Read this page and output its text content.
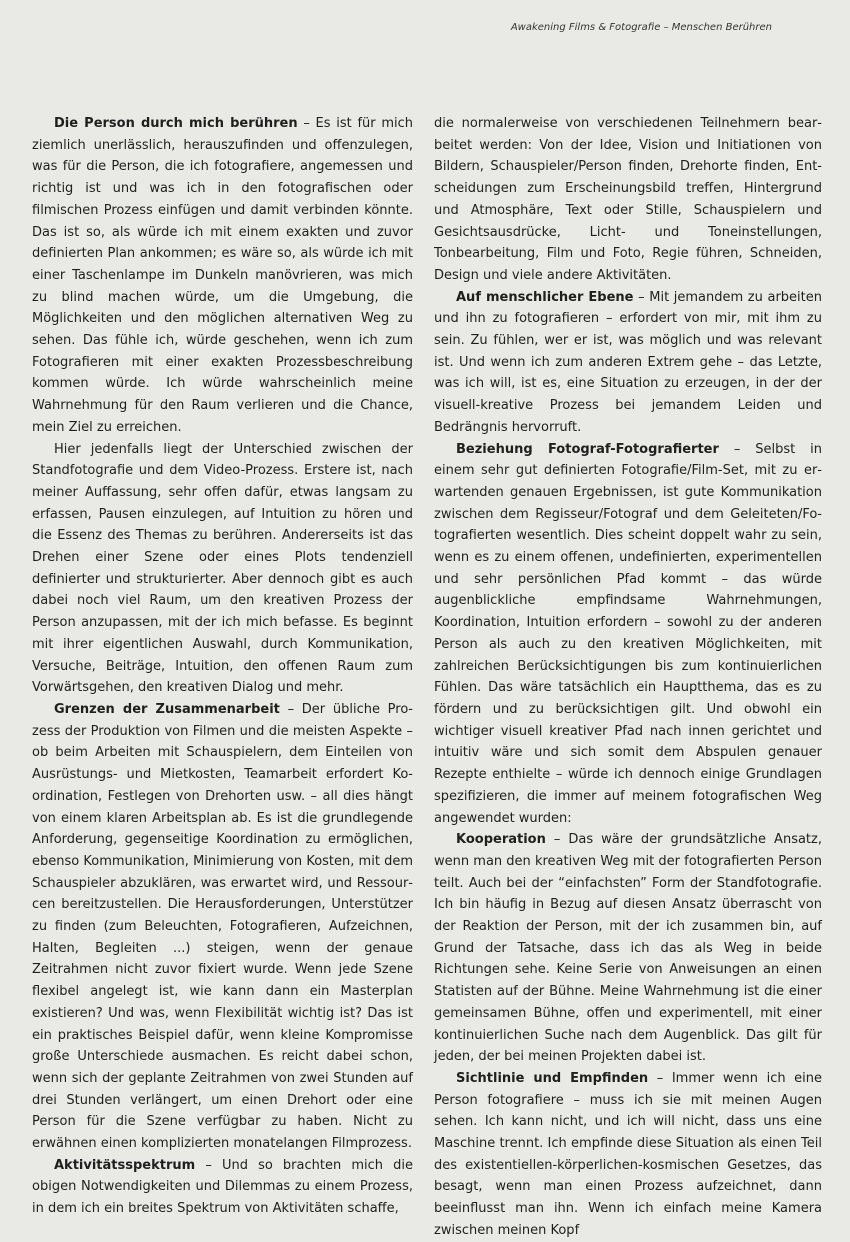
Awakening Films & Fotografie – Menschen Berühren

Die Person durch mich berühren – Es ist für mich ziemlich unerlässlich, herauszufinden und offenzulegen, was für die Person, die ich fotografiere, angemessen und richtig ist und was ich in den fotografischen oder filmischen Prozess einfügen und damit verbinden könnte. Das ist so, als würde ich mit einem exakten und zuvor definierten Plan ankommen; es wäre so, als würde ich mit einer Taschenlampe im Dunkeln manövrieren, was mich zu blind machen würde, um die Umgebung, die Möglichkeiten und den möglichen alternativen Weg zu sehen. Das fühle ich, würde geschehen, wenn ich zum Fotografieren mit einer exakten Prozessbeschreibung kommen würde. Ich würde wahrscheinlich meine Wahrnehmung für den Raum verlieren und die Chance, mein Ziel zu erreichen.

Hier jedenfalls liegt der Unterschied zwischen der Standfotografie und dem Video-Prozess. Erstere ist, nach meiner Auffassung, sehr offen dafür, etwas langsam zu erfassen, Pausen einzulegen, auf Intuition zu hören und die Essenz des Themas zu berühren. Andererseits ist das Drehen einer Szene oder eines Plots tendenziell definierter und strukturierter. Aber dennoch gibt es auch dabei noch viel Raum, um den kreativen Prozess der Person anzupassen, mit der ich mich befasse. Es beginnt mit ihrer eigentlichen Auswahl, durch Kommunikation, Versuche, Beiträge, Intuition, den offenen Raum zum Vorwärtsgehen, den kreativen Dialog und mehr.

Grenzen der Zusammenarbeit – Der übliche Prozess der Produktion von Filmen und die meisten Aspekte – ob beim Arbeiten mit Schauspielern, dem Einteilen von Ausrüstungs- und Mietkosten, Teamarbeit erfordert Koordination, Festlegen von Drehorten usw. – all dies hängt von einem klaren Arbeitsplan ab. Es ist die grundlegende Anforderung, gegenseitige Koordination zu ermöglichen, ebenso Kommunikation, Minimierung von Kosten, mit dem Schauspieler abzuklären, was erwartet wird, und Ressourcen bereitzustellen. Die Herausforderungen, Unterstützer zu finden (zum Beleuchten, Fotografieren, Aufzeichnen, Halten, Begleiten ...) steigen, wenn der genaue Zeitrahmen nicht zuvor fixiert wurde. Wenn jede Szene flexibel angelegt ist, wie kann dann ein Masterplan existieren? Und was, wenn Flexibilität wichtig ist? Das ist ein praktisches Beispiel dafür, wenn kleine Kompromisse große Unterschiede ausmachen. Es reicht dabei schon, wenn sich der geplante Zeitrahmen von zwei Stunden auf drei Stunden verlängert, um einen Drehort oder eine Person für die Szene verfügbar zu haben. Nicht zu erwähnen einen komplizierten monatelangen Filmprozess.

Aktivitätsspektrum – Und so brachten mich die obigen Notwendigkeiten und Dilemmas zu einem Prozess, in dem ich ein breites Spektrum von Aktivitäten schaffe,

die normalerweise von verschiedenen Teilnehmern bearbeitet werden: Von der Idee, Vision und Initiationen von Bildern, Schauspieler/Person finden, Drehorte finden, Entscheidungen zum Erscheinungsbild treffen, Hintergrund und Atmosphäre, Text oder Stille, Schauspielern und Gesichtsausdrücke, Licht- und Toneinstellungen, Tonbearbeitung, Film und Foto, Regie führen, Schneiden, Design und viele andere Aktivitäten.

Auf menschlicher Ebene – Mit jemandem zu arbeiten und ihn zu fotografieren – erfordert von mir, mit ihm zu sein. Zu fühlen, wer er ist, was möglich und was relevant ist. Und wenn ich zum anderen Extrem gehe – das Letzte, was ich will, ist es, eine Situation zu erzeugen, in der der visuell-kreative Prozess bei jemandem Leiden und Bedrängnis hervorruft.

Beziehung Fotograf-Fotografierter – Selbst in einem sehr gut definierten Fotografie/Film-Set, mit zu erwartenden genauen Ergebnissen, ist gute Kommunikation zwischen dem Regisseur/Fotograf und dem Geleiteten/Fotografierten wesentlich. Dies scheint doppelt wahr zu sein, wenn es zu einem offenen, undefinierten, experimentellen und sehr persönlichen Pfad kommt – das würde augenblickliche empfindsame Wahrnehmungen, Koordination, Intuition erfordern – sowohl zu der anderen Person als auch zu den kreativen Möglichkeiten, mit zahlreichen Berücksichtigungen bis zum kontinuierlichen Fühlen. Das wäre tatsächlich ein Hauptthema, das es zu fördern und zu berücksichtigen gilt. Und obwohl ein wichtiger visuell kreativer Pfad nach innen gerichtet und intuitiv wäre und sich somit dem Abspulen genauer Rezepte enthielte – würde ich dennoch einige Grundlagen spezifizieren, die immer auf meinem fotografischen Weg angewendet wurden:

Kooperation – Das wäre der grundsätzliche Ansatz, wenn man den kreativen Weg mit der fotografierten Person teilt. Auch bei der “einfachsten” Form der Standfotografie. Ich bin häufig in Bezug auf diesen Ansatz überrascht von der Reaktion der Person, mit der ich zusammen bin, auf Grund der Tatsache, dass ich das als Weg in beide Richtungen sehe. Keine Serie von Anweisungen an einen Statisten auf der Bühne. Meine Wahrnehmung ist die einer gemeinsamen Bühne, offen und experimentell, mit einer kontinuierlichen Suche nach dem Augenblick. Das gilt für jeden, der bei meinen Projekten dabei ist.

Sichtlinie und Empfinden – Immer wenn ich eine Person fotografiere – muss ich sie mit meinen Augen sehen. Ich kann nicht, und ich will nicht, dass uns eine Maschine trennt. Ich empfinde diese Situation als einen Teil des existentiellen-körperlichen-kosmischen Gesetzes, das besagt, wenn man einen Prozess aufzeichnet, dann beeinflusst man ihn. Wenn ich einfach meine Kamera zwischen meinen Kopf
